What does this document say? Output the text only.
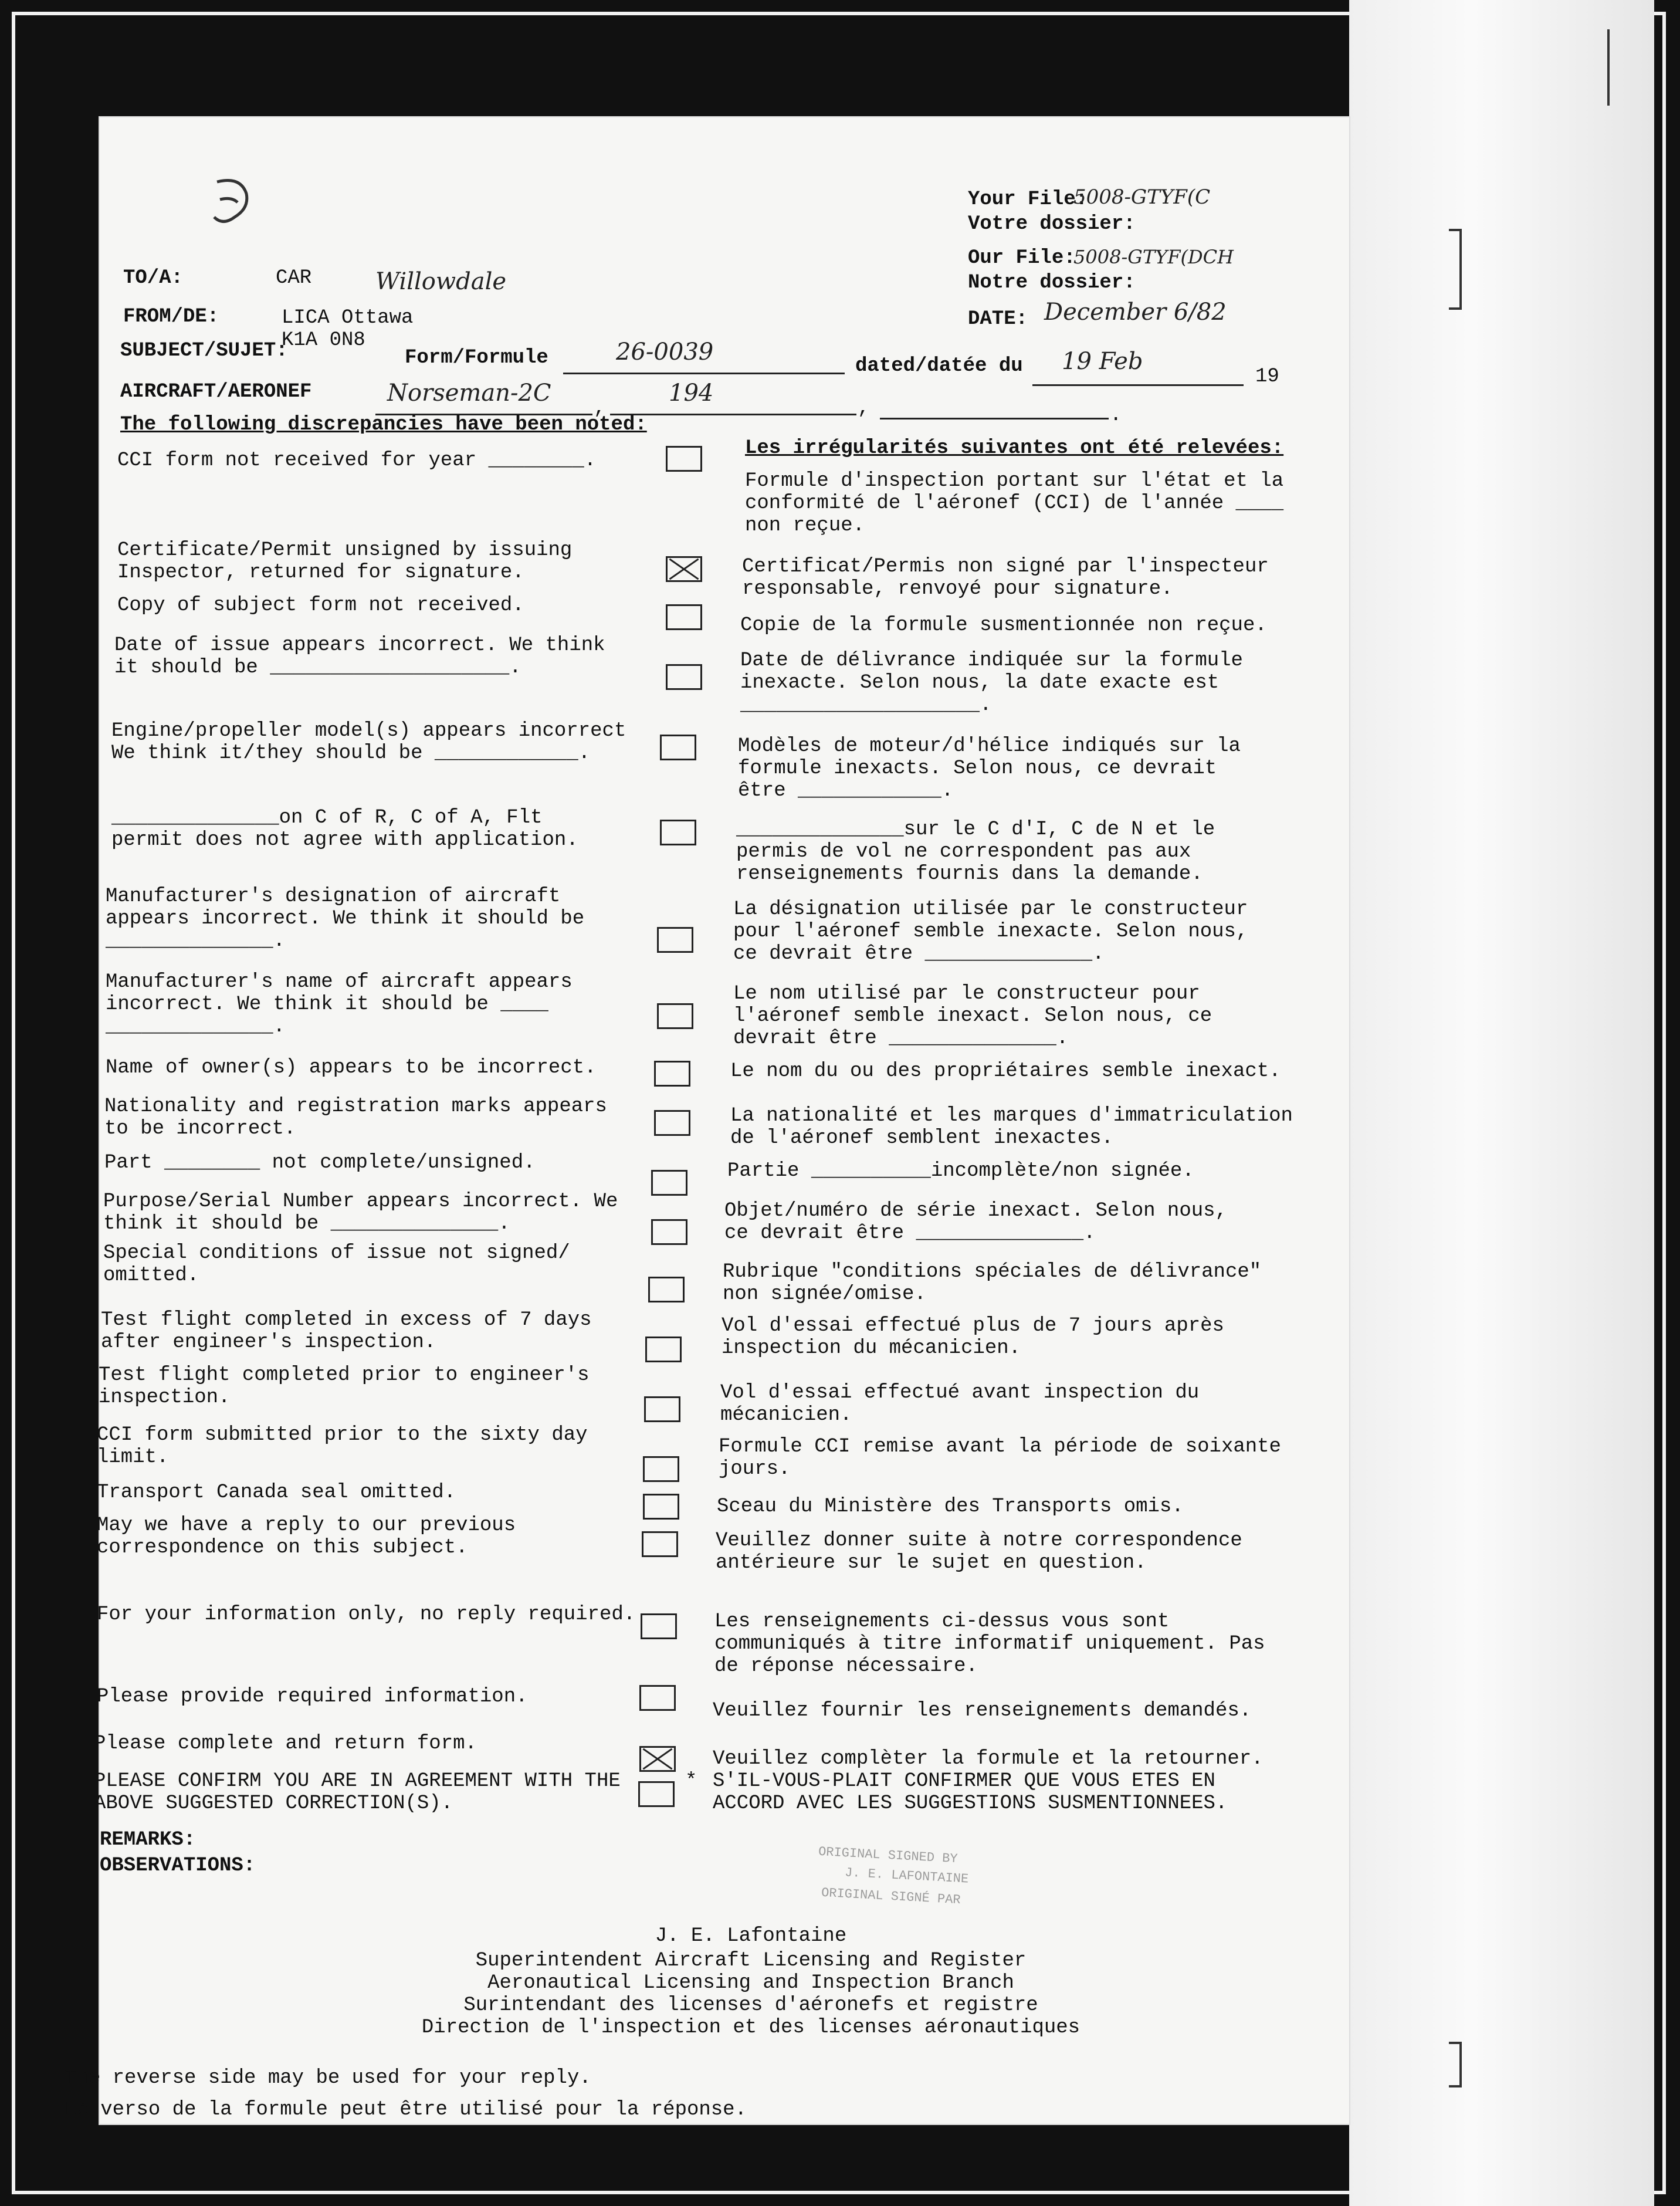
Your File:
5008-GTYF(C
Votre dossier:
Our File:
5008-GTYF(DCH
Notre dossier:
DATE: December 6/82
TO/A:	CAR	Willowdale
FROM/DE:	LICA Ottawa
K1A 0N8
SUBJECT/SUJET:	Form/Formule	26-0039
dated/datée du 19 Feb
19
AIRCRAFT/AERONEF	Norseman-2C
,
194
,	.
The following discrepancies have been noted:
Les irrégularités suivantes ont été relevées:
CCI form not received for year ________.
Formule d'inspection portant sur l'état et la
conformité de l'aéronef (CCI) de l'année ____
non reçue.
Certificate/Permit unsigned by issuing
Inspector, returned for signature.	Certificat/Permis non signé par l'inspecteur
responsable, renvoyé pour signature.
Copy of subject form not received.
Copie de la formule susmentionnée non reçue.
Date of issue appears incorrect. We think
it should be ____________________.	Date de délivrance indiquée sur la formule
inexacte. Selon nous, la date exacte est
____________________.
Engine/propeller model(s) appears incorrect
We think it/they should be ____________.	Modèles de moteur/d'hélice indiqués sur la
formule inexacts. Selon nous, ce devrait
être ____________.
______________on C of R, C of A, Flt
permit does not agree with application.	______________sur le C d'I, C de N et le
permis de vol ne correspondent pas aux
renseignements fournis dans la demande.
Manufacturer's designation of aircraft
appears incorrect. We think it should be
______________.
La désignation utilisée par le constructeur
pour l'aéronef semble inexacte. Selon nous,
ce devrait être ______________.
Manufacturer's name of aircraft appears
incorrect. We think it should be ____
______________.
Le nom utilisé par le constructeur pour
l'aéronef semble inexact. Selon nous, ce
devrait être ______________.
Name of owner(s) appears to be incorrect.	Le nom du ou des propriétaires semble inexact.
Nationality and registration marks appears
to be incorrect.
La nationalité et les marques d'immatriculation
de l'aéronef semblent inexactes.
Part ________ not complete/unsigned.	Partie __________incomplète/non signée.
Purpose/Serial Number appears incorrect. We
think it should be ______________.
Objet/numéro de série inexact. Selon nous,
ce devrait être ______________.
Special conditions of issue not signed/
omitted.	Rubrique "conditions spéciales de délivrance"
non signée/omise.
Test flight completed in excess of 7 days
after engineer's inspection.
Vol d'essai effectué plus de 7 jours après
inspection du mécanicien.
Test flight completed prior to engineer's
inspection.	Vol d'essai effectué avant inspection du
mécanicien.
CCI form submitted prior to the sixty day
limit.	Formule CCI remise avant la période de soixante
jours.
Transport Canada seal omitted.
Sceau du Ministère des Transports omis.
May we have a reply to our previous
correspondence on this subject.	Veuillez donner suite à notre correspondence
antérieure sur le sujet en question.
For your information only, no reply required.	Les renseignements ci-dessus vous sont
communiqués à titre informatif uniquement. Pas
de réponse nécessaire.
Please provide required information.
Veuillez fournir les renseignements demandés.
Please complete and return form.
Veuillez complèter la formule et la retourner.
PLEASE CONFIRM YOU ARE IN AGREEMENT WITH THE
ABOVE SUGGESTED CORRECTION(S).
S'IL-VOUS-PLAIT CONFIRMER QUE VOUS ETES EN
ACCORD AVEC LES SUGGESTIONS SUSMENTIONNEES.
*
REMARKS:
OBSERVATIONS:	ORIGINAL SIGNED BY
J. E. LAFONTAINE
ORIGINAL SIGNÉ PAR
J. E. Lafontaine
Superintendent Aircraft Licensing and Register
Aeronautical Licensing and Inspection Branch
Surintendant des licenses d'aéronefs et registre
Direction de l'inspection et des licenses aéronautiques
The reverse side may be used for your reply.
Le verso de la formule peut être utilisé pour la réponse.
